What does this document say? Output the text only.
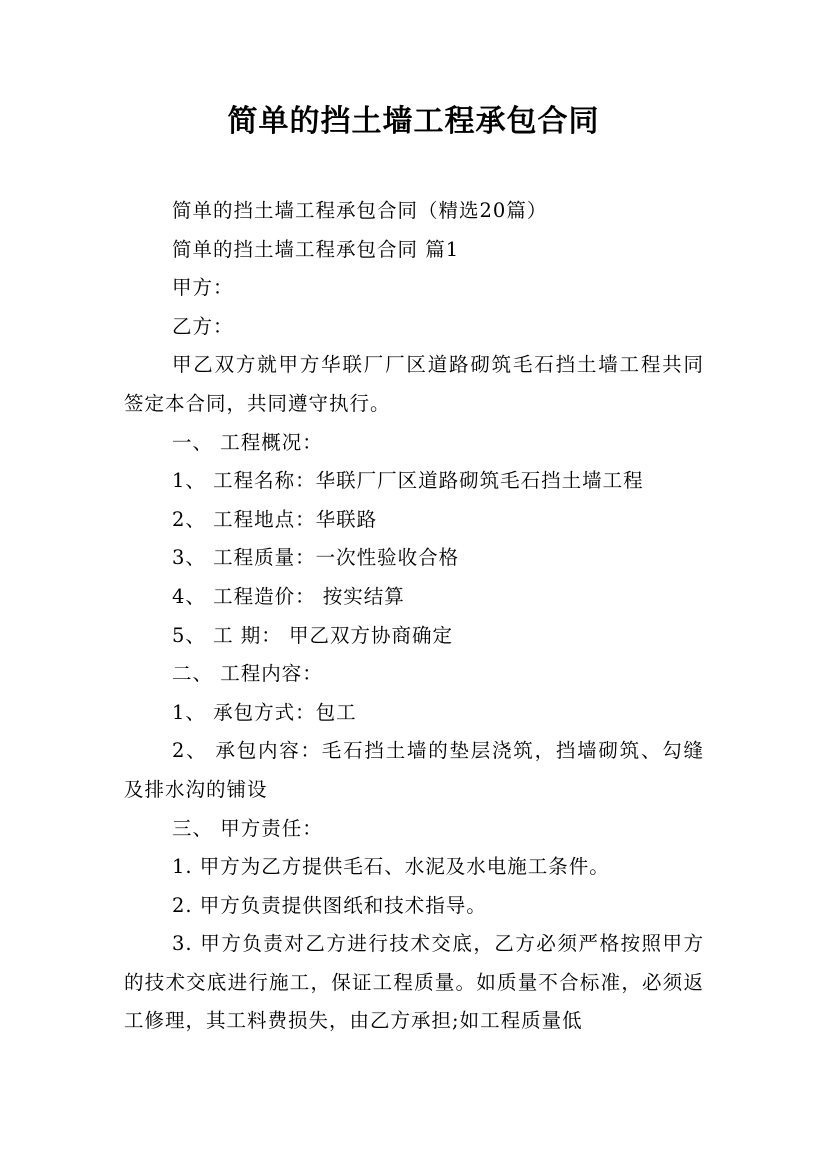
简单的挡土墙工程承包合同

简单的挡土墙工程承包合同（精选20篇）

简单的挡土墙工程承包合同 篇1

甲方：

乙方：

甲乙双方就甲方华联厂厂区道路砌筑毛石挡土墙工程共同签定本合同，共同遵守执行。

一、 工程概况：

1、 工程名称：华联厂厂区道路砌筑毛石挡土墙工程

2、 工程地点：华联路

3、 工程质量：一次性验收合格

4、 工程造价： 按实结算

5、 工 期： 甲乙双方协商确定

二、 工程内容：

1、 承包方式：包工

2、 承包内容：毛石挡土墙的垫层浇筑，挡墙砌筑、勾缝及排水沟的铺设

三、 甲方责任：

1. 甲方为乙方提供毛石、水泥及水电施工条件。

2. 甲方负责提供图纸和技术指导。

3. 甲方负责对乙方进行技术交底，乙方必须严格按照甲方的技术交底进行施工，保证工程质量。如质量不合标准，必须返工修理，其工料费损失，由乙方承担;如工程质量低
